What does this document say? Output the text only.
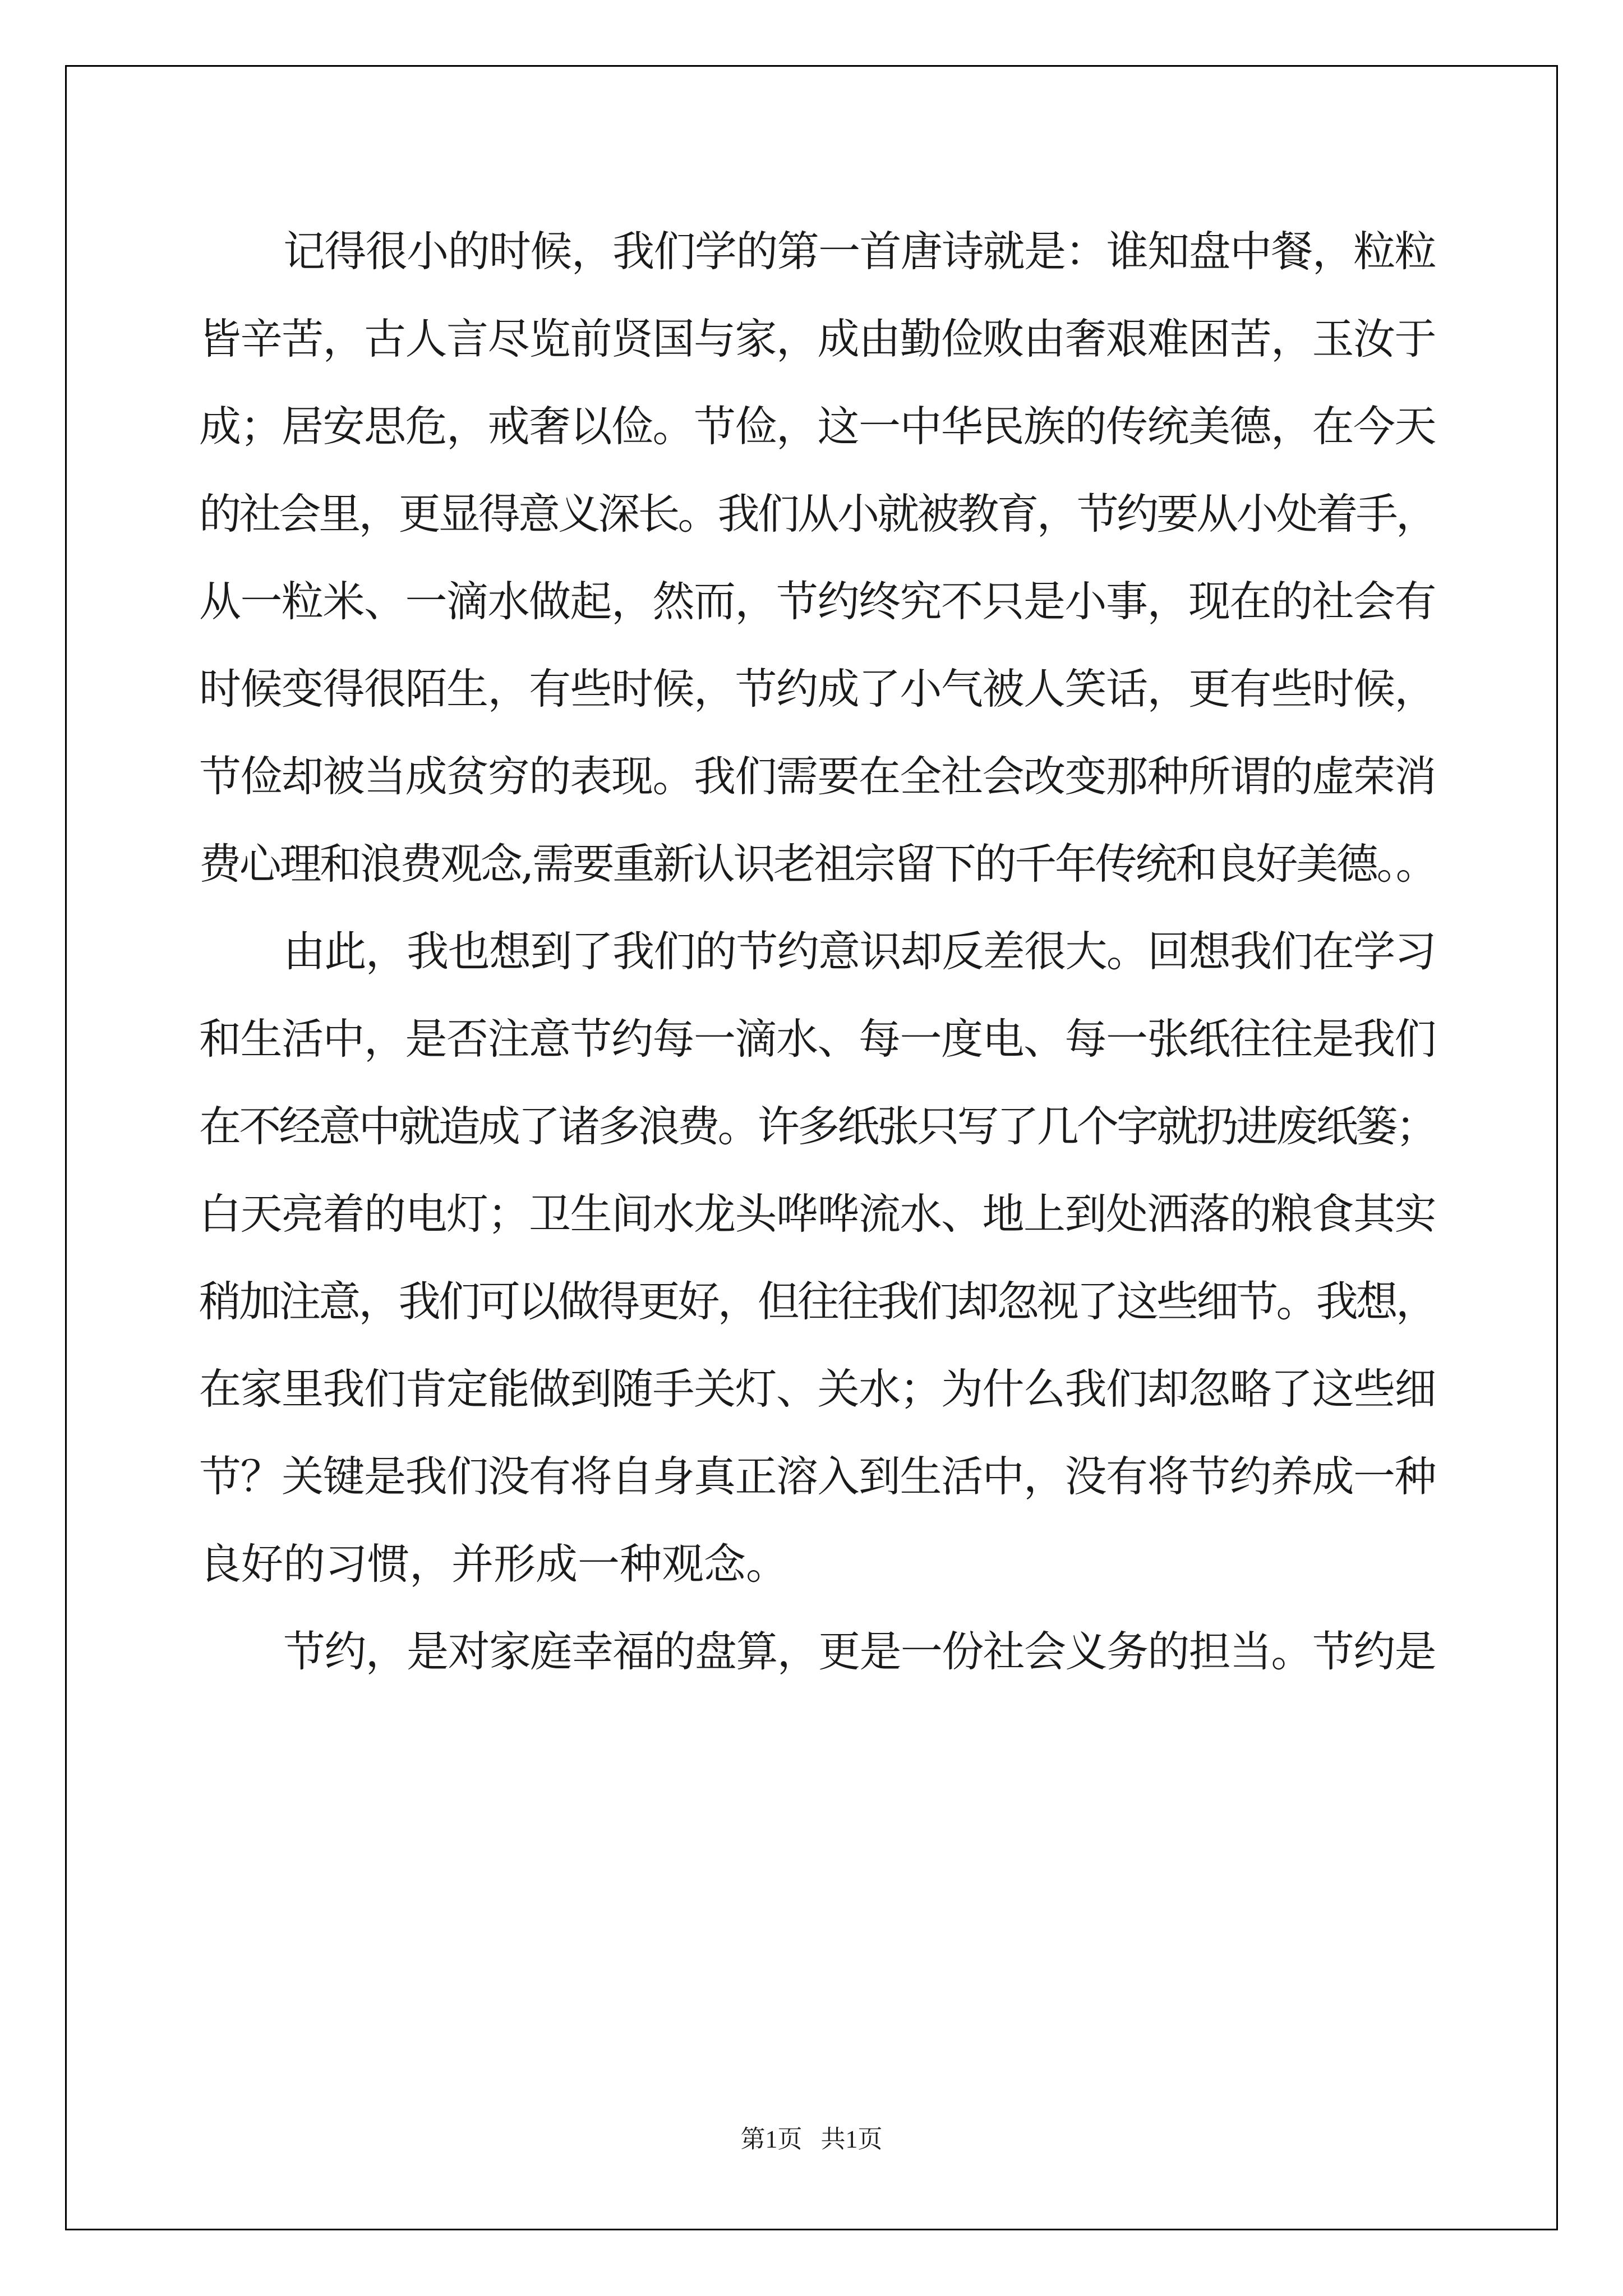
记得很小的时候，我们学的第一首唐诗就是：谁知盘中餐，粒粒
皆辛苦，古人言尽览前贤国与家，成由勤俭败由奢艰难困苦，玉汝于
成；居安思危，戒奢以俭。节俭，这一中华民族的传统美德，在今天
的社会里，更显得意义深长。我们从小就被教育，节约要从小处着手，
从一粒米、一滴水做起，然而，节约终究不只是小事，现在的社会有
时候变得很陌生，有些时候，节约成了小气被人笑话，更有些时候，
节俭却被当成贫穷的表现。我们需要在全社会改变那种所谓的虚荣消
费心理和浪费观念,需要重新认识老祖宗留下的千年传统和良好美德。。
由此，我也想到了我们的节约意识却反差很大。回想我们在学习
和生活中，是否注意节约每一滴水、每一度电、每一张纸往往是我们
在不经意中就造成了诸多浪费。许多纸张只写了几个字就扔进废纸篓；
白天亮着的电灯；卫生间水龙头哗哗流水、地上到处洒落的粮食其实
稍加注意，我们可以做得更好，但往往我们却忽视了这些细节。我想，
在家里我们肯定能做到随手关灯、关水；为什么我们却忽略了这些细
节？关键是我们没有将自身真正溶入到生活中，没有将节约养成一种
良好的习惯，并形成一种观念。
节约，是对家庭幸福的盘算，更是一份社会义务的担当。节约是
第1页   共1页
